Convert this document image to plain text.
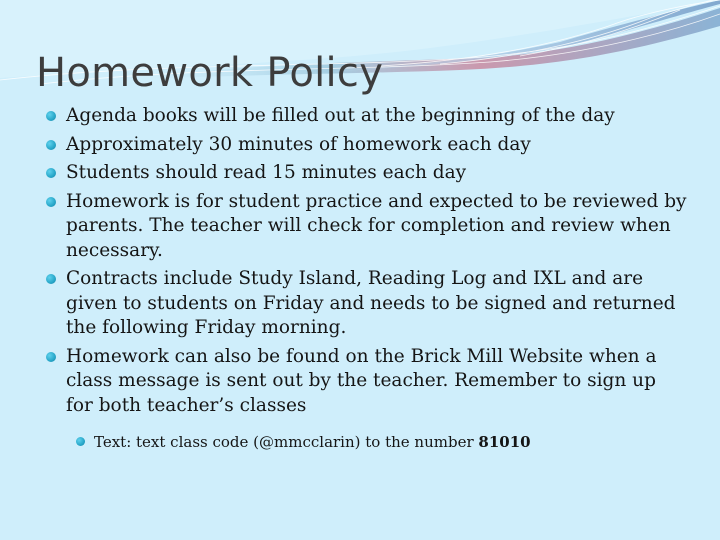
Homework Policy
Agenda books will be filled out at the beginning of the day
Approximately 30 minutes of homework each day
Students should read 15 minutes each day
Homework is for student practice and expected to be reviewed by parents. The teacher will check for completion and review when necessary.
Contracts include Study Island, Reading Log and IXL and are given to students on Friday and needs to be signed and returned the following Friday morning.
Homework can also be found on the Brick Mill Website when a class message is sent out by the teacher. Remember to sign up for both teacher’s classes
Text: text class code (@mmcclarin) to the number 81010
